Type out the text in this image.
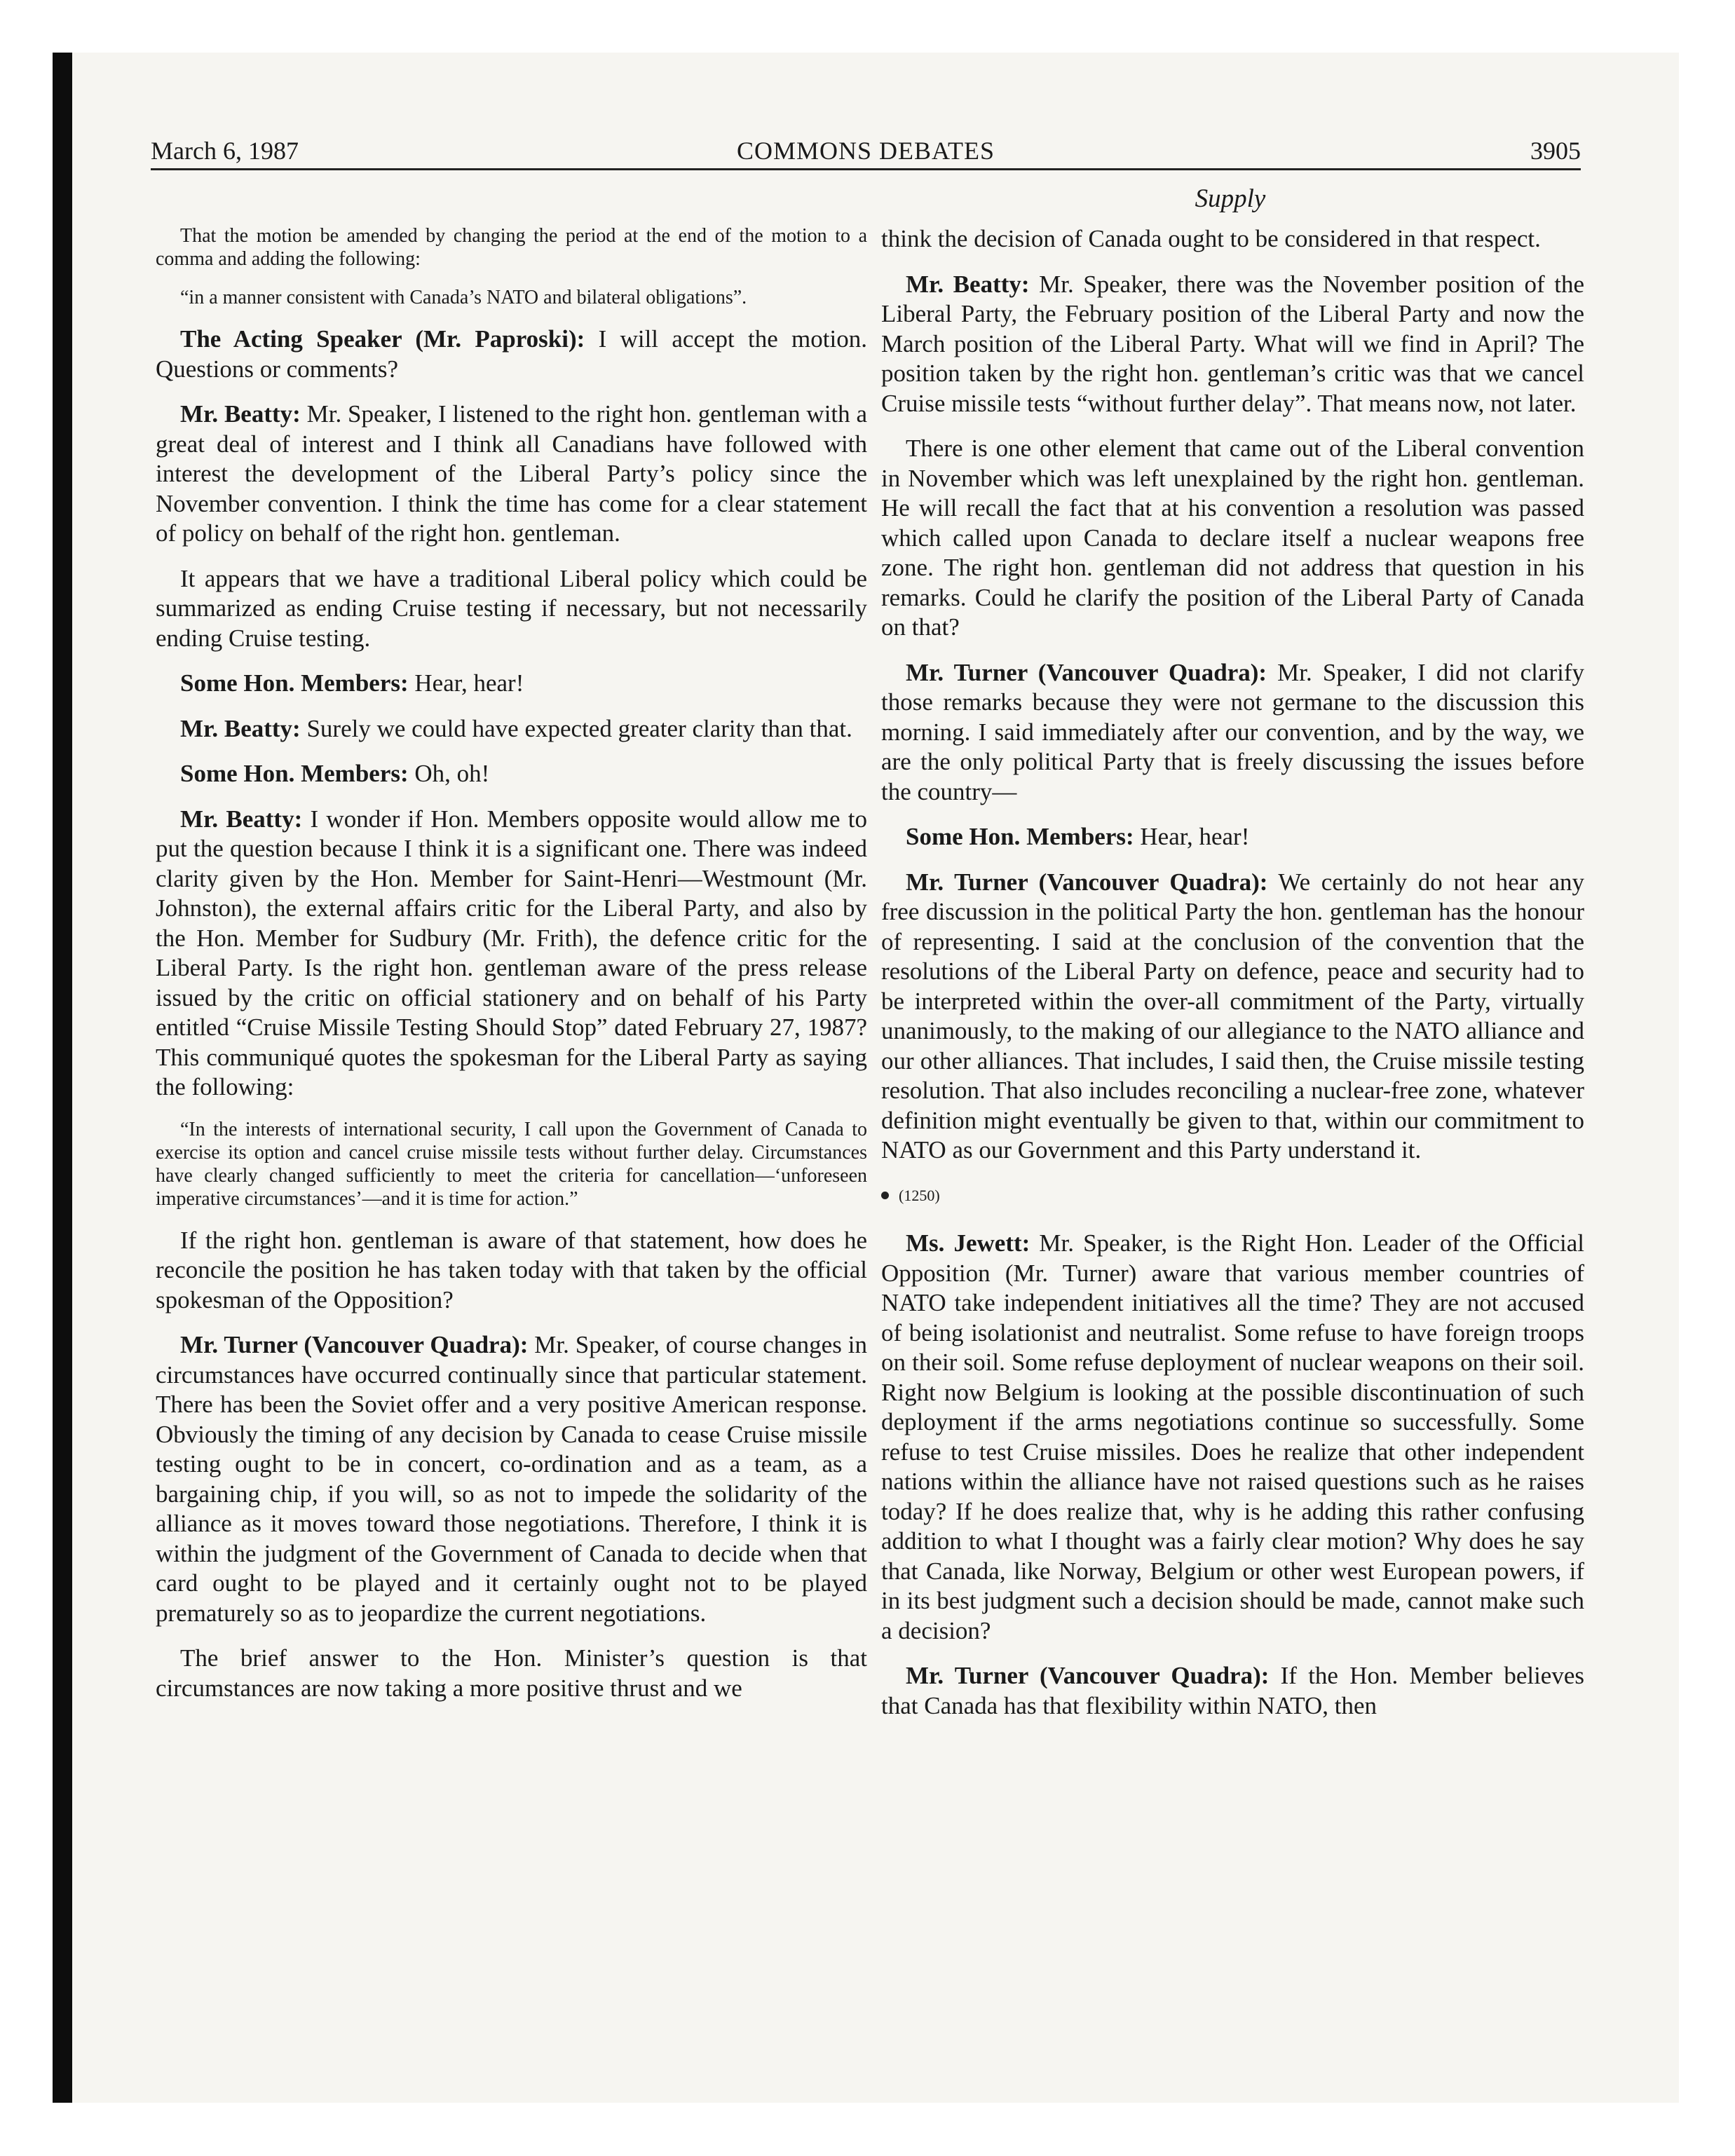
March 6, 1987	COMMONS DEBATES	3905
Supply

That the motion be amended by changing the period at the end of the motion to a comma and adding the following:

“in a manner consistent with Canada’s NATO and bilateral obligations”.

The Acting Speaker (Mr. Paproski): I will accept the motion. Questions or comments?

Mr. Beatty: Mr. Speaker, I listened to the right hon. gentleman with a great deal of interest and I think all Canadians have followed with interest the development of the Liberal Party’s policy since the November convention. I think the time has come for a clear statement of policy on behalf of the right hon. gentleman.

It appears that we have a traditional Liberal policy which could be summarized as ending Cruise testing if necessary, but not necessarily ending Cruise testing.

Some Hon. Members: Hear, hear!

Mr. Beatty: Surely we could have expected greater clarity than that.

Some Hon. Members: Oh, oh!

Mr. Beatty: I wonder if Hon. Members opposite would allow me to put the question because I think it is a significant one. There was indeed clarity given by the Hon. Member for Saint-Henri—Westmount (Mr. Johnston), the external affairs critic for the Liberal Party, and also by the Hon. Member for Sudbury (Mr. Frith), the defence critic for the Liberal Party. Is the right hon. gentleman aware of the press release issued by the critic on official stationery and on behalf of his Party entitled “Cruise Missile Testing Should Stop” dated February 27, 1987? This communiqué quotes the spokesman for the Liberal Party as saying the following:

“In the interests of international security, I call upon the Government of Canada to exercise its option and cancel cruise missile tests without further delay. Circumstances have clearly changed sufficiently to meet the criteria for cancellation—‘unforeseen imperative circumstances’—and it is time for action.”

If the right hon. gentleman is aware of that statement, how does he reconcile the position he has taken today with that taken by the official spokesman of the Opposition?

Mr. Turner (Vancouver Quadra): Mr. Speaker, of course changes in circumstances have occurred continually since that particular statement. There has been the Soviet offer and a very positive American response. Obviously the timing of any decision by Canada to cease Cruise missile testing ought to be in concert, co-ordination and as a team, as a bargaining chip, if you will, so as not to impede the solidarity of the alliance as it moves toward those negotiations. Therefore, I think it is within the judgment of the Government of Canada to decide when that card ought to be played and it certainly ought not to be played prematurely so as to jeopardize the current negotiations.

The brief answer to the Hon. Minister’s question is that circumstances are now taking a more positive thrust and we

think the decision of Canada ought to be considered in that respect.

Mr. Beatty: Mr. Speaker, there was the November position of the Liberal Party, the February position of the Liberal Party and now the March position of the Liberal Party. What will we find in April? The position taken by the right hon. gentleman’s critic was that we cancel Cruise missile tests “without further delay”. That means now, not later.

There is one other element that came out of the Liberal convention in November which was left unexplained by the right hon. gentleman. He will recall the fact that at his convention a resolution was passed which called upon Canada to declare itself a nuclear weapons free zone. The right hon. gentleman did not address that question in his remarks. Could he clarify the position of the Liberal Party of Canada on that?

Mr. Turner (Vancouver Quadra): Mr. Speaker, I did not clarify those remarks because they were not germane to the discussion this morning. I said immediately after our convention, and by the way, we are the only political Party that is freely discussing the issues before the country—

Some Hon. Members: Hear, hear!

Mr. Turner (Vancouver Quadra): We certainly do not hear any free discussion in the political Party the hon. gentleman has the honour of representing. I said at the conclusion of the convention that the resolutions of the Liberal Party on defence, peace and security had to be interpreted within the over-all commitment of the Party, virtually unanimously, to the making of our allegiance to the NATO alliance and our other alliances. That includes, I said then, the Cruise missile testing resolution. That also includes reconciling a nuclear-free zone, whatever definition might eventually be given to that, within our commitment to NATO as our Government and this Party understand it.

(1250)

Ms. Jewett: Mr. Speaker, is the Right Hon. Leader of the Official Opposition (Mr. Turner) aware that various member countries of NATO take independent initiatives all the time? They are not accused of being isolationist and neutralist. Some refuse to have foreign troops on their soil. Some refuse deployment of nuclear weapons on their soil. Right now Belgium is looking at the possible discontinuation of such deployment if the arms negotiations continue so successfully. Some refuse to test Cruise missiles. Does he realize that other independent nations within the alliance have not raised questions such as he raises today? If he does realize that, why is he adding this rather confusing addition to what I thought was a fairly clear motion? Why does he say that Canada, like Norway, Belgium or other west European powers, if in its best judgment such a decision should be made, cannot make such a decision?

Mr. Turner (Vancouver Quadra): If the Hon. Member believes that Canada has that flexibility within NATO, then
